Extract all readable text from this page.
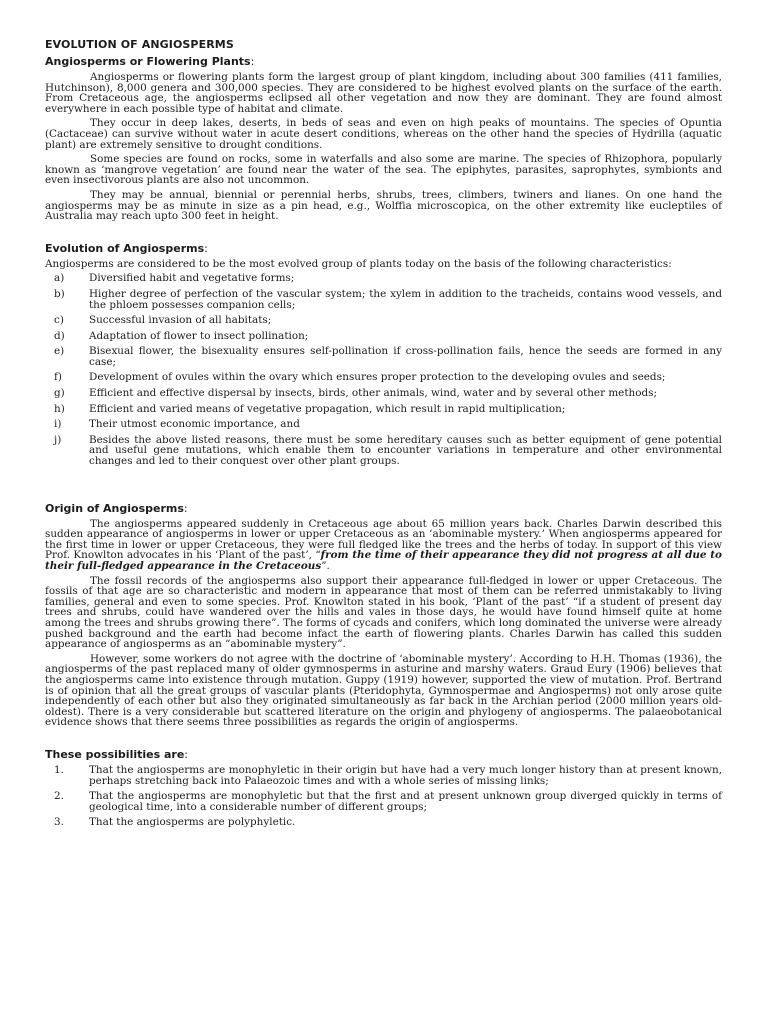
EVOLUTION OF ANGIOSPERMS
Angiosperms or Flowering Plants:

Angiosperms or flowering plants form the largest group of plant kingdom, including about 300 families (411 families, Hutchinson), 8,000 genera and 300,000 species. They are considered to be highest evolved plants on the surface of the earth. From Cretaceous age, the angiosperms eclipsed all other vegetation and now they are dominant. They are found almost everywhere in each possible type of habitat and climate.

They occur in deep lakes, deserts, in beds of seas and even on high peaks of mountains. The species of Opuntia (Cactaceae) can survive without water in acute desert conditions, whereas on the other hand the species of Hydrilla (aquatic plant) are extremely sensitive to drought conditions.

Some species are found on rocks, some in waterfalls and also some are marine. The species of Rhizophora, popularly known as ‘mangrove vegetation’ are found near the water of the sea. The epiphytes, parasites, saprophytes, symbionts and even insectivorous plants are also not uncommon.

They may be annual, biennial or perennial herbs, shrubs, trees, climbers, twiners and lianes. On one hand the angiosperms may be as minute in size as a pin head, e.g., Wolffia microscopica, on the other extremity like eucleptiles of Australia may reach upto 300 feet in height.

Evolution of Angiosperms:

Angiosperms are considered to be the most evolved group of plants today on the basis of the following characteristics:

a) Diversified habit and vegetative forms;
b) Higher degree of perfection of the vascular system; the xylem in addition to the tracheids, contains wood vessels, and the phloem possesses companion cells;
c) Successful invasion of all habitats;
d) Adaptation of flower to insect pollination;
e) Bisexual flower, the bisexuality ensures self-pollination if cross-pollination fails, hence the seeds are formed in any case;
f)	Development of ovules within the ovary which ensures proper protection to the developing ovules and seeds;
g) Efficient and effective dispersal by insects, birds, other animals, wind, water and by several other methods;
h) Efficient and varied means of vegetative propagation, which result in rapid multiplication;
i)	Their utmost economic importance, and
j)	Besides the above listed reasons, there must be some hereditary causes such as better equipment of gene potential and useful gene mutations, which enable them to encounter variations in temperature and other environmental changes and led to their conquest over other plant groups.
Origin of Angiosperms:

The angiosperms appeared suddenly in Cretaceous age about 65 million years back. Charles Darwin described this sudden appearance of angiosperms in lower or upper Cretaceous as an ‘abominable mystery.’ When angiosperms appeared for the first time in lower or upper Cretaceous, they were full fledged like the trees and the herbs of today. In support of this view Prof. Knowlton advocates in his ‘Plant of the past’, “from the time of their appearance they did not progress at all due to their full-fledged appearance in the Cretaceous”.

The fossil records of the angiosperms also support their appearance full-fledged in lower or upper Cretaceous. The fossils of that age are so characteristic and modern in appearance that most of them can be referred unmistakably to living families, general and even to some species. Prof. Knowlton stated in his book, ‘Plant of the past’ “if a student of present day trees and shrubs, could have wandered over the hills and vales in those days, he would have found himself quite at home among the trees and shrubs growing there”. The forms of cycads and conifers, which long dominated the universe were already pushed background and the earth had become infact the earth of flowering plants. Charles Darwin has called this sudden appearance of angiosperms as an “abominable mystery”.

However, some workers do not agree with the doctrine of ‘abominable mystery’. According to H.H. Thomas (1936), the angiosperms of the past replaced many of older gymnosperms in asturine and marshy waters. Graud Eury (1906) believes that the angiosperms came into existence through mutation. Guppy (1919) however, supported the view of mutation. Prof. Bertrand is of opinion that all the great groups of vascular plants (Pteridophyta, Gymnospermae and Angiosperms) not only arose quite independently of each other but also they originated simultaneously as far back in the Archian period (2000 million years old-oldest). There is a very considerable but scattered literature on the origin and phylogeny of angiosperms. The palaeobotanical evidence shows that there seems three possibilities as regards the origin of angiosperms.

These possibilities are:
1. That the angiosperms are monophyletic in their origin but have had a very much longer history than at present known, perhaps stretching back into Palaeozoic times and with a whole series of missing links;
2. That the angiosperms are monophyletic but that the first and at present unknown group diverged quickly in terms of geological time, into a considerable number of different groups;
3. That the angiosperms are polyphyletic.
